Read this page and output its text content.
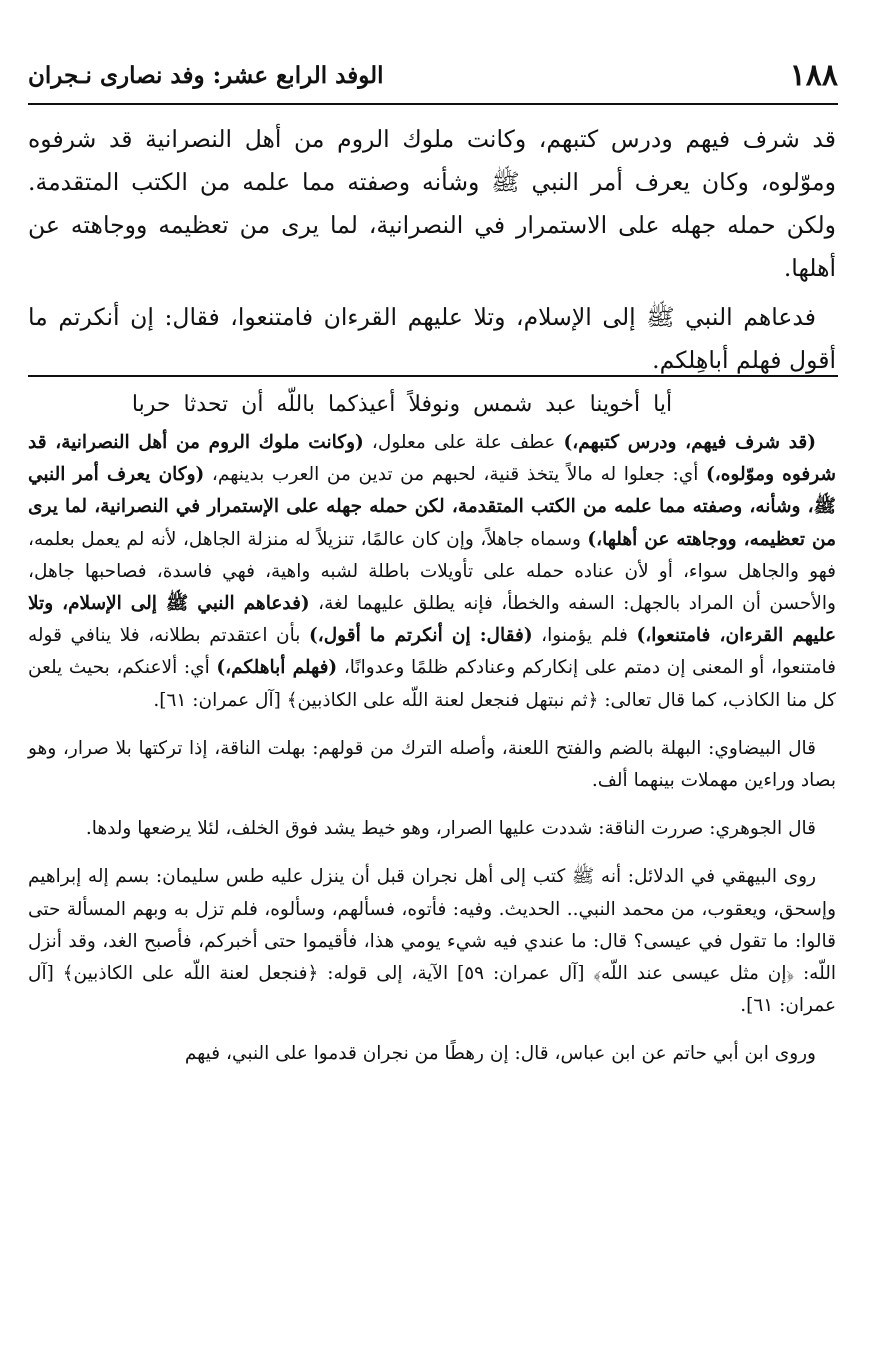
١٨٨
الوفد الرابع عشر: وفد نصارى نـجران

قد شرف فيهم ودرس كتبهم، وكانت ملوك الروم من أهل النصرانية قد شرفوه وموّلوه، وكان يعرف أمر النبي ﷺ وشأنه وصفته مما علمه من الكتب المتقدمة. ولكن حمله جهله على الاستمرار في النصرانية، لما يرى من تعظيمه ووجاهته عن أهلها.

فدعاهم النبي ﷺ إلى الإسلام، وتلا عليهم القرءان فامتنعوا، فقال: إن أنكرتم ما أقول فهلم أباهِلكم.

أيا أخوينا عبد شمس ونوفلاً أعيذكما باللّه أن تحدثا حربا

(قد شرف فيهم، ودرس كتبهم،) عطف علة على معلول، (وكانت ملوك الروم من أهل النصرانية، قد شرفوه وموّلوه،) أي: جعلوا له مالاً يتخذ قنية، لحبهم من تدين من العرب بدينهم، (وكان يعرف أمر النبي ﷺ، وشأنه، وصفته مما علمه من الكتب المتقدمة، لكن حمله جهله على الإستمرار في النصرانية، لما يرى من تعظيمه، ووجاهته عن أهلها،) وسماه جاهلاً، وإن كان عالمًا، تنزيلاً له منزلة الجاهل، لأنه لم يعمل بعلمه، فهو والجاهل سواء، أو لأن عناده حمله على تأويلات باطلة لشبه واهية، فهي فاسدة، فصاحبها جاهل، والأحسن أن المراد بالجهل: السفه والخطأ، فإنه يطلق عليهما لغة، (فدعاهم النبي ﷺ إلى الإسلام، وتلا عليهم القرءان، فامتنعوا،) فلم يؤمنوا، (فقال: إن أنكرتم ما أقول،) بأن اعتقدتم بطلانه، فلا ينافي قوله فامتنعوا، أو المعنى إن دمتم على إنكاركم وعنادكم ظلمًا وعدوانًا، (فهلم أباهلكم،) أي: ألاعنكم، بحيث يلعن كل منا الكاذب، كما قال تعالى: ﴿ثم نبتهل فنجعل لعنة اللّه على الكاذبين﴾ [آل عمران: ٦١].

قال البيضاوي: البهلة بالضم والفتح اللعنة، وأصله الترك من قولهم: بهلت الناقة، إذا تركتها بلا صرار، وهو بصاد وراءين مهملات بينهما ألف.

قال الجوهري: صررت الناقة: شددت عليها الصرار، وهو خيط يشد فوق الخلف، لئلا يرضعها ولدها.

روى البيهقي في الدلائل: أنه ﷺ كتب إلى أهل نجران قبل أن ينزل عليه طس سليمان: بسم إله إبراهيم وإسحق، ويعقوب، من محمد النبي.. الحديث. وفيه: فأتوه، فسألهم، وسألوه، فلم تزل به وبهم المسألة حتى قالوا: ما تقول في عيسى؟ قال: ما عندي فيه شيء يومي هذا، فأقيموا حتى أخبركم، فأصبح الغد، وقد أنزل اللّه: ﴿إن مثل عيسى عند اللّه﴾ [آل عمران: ٥٩] الآية، إلى قوله: ﴿فنجعل لعنة اللّه على الكاذبين﴾ [آل عمران: ٦١].

وروى ابن أبي حاتم عن ابن عباس، قال: إن رهطًا من نجران قدموا على النبي، فيهم
